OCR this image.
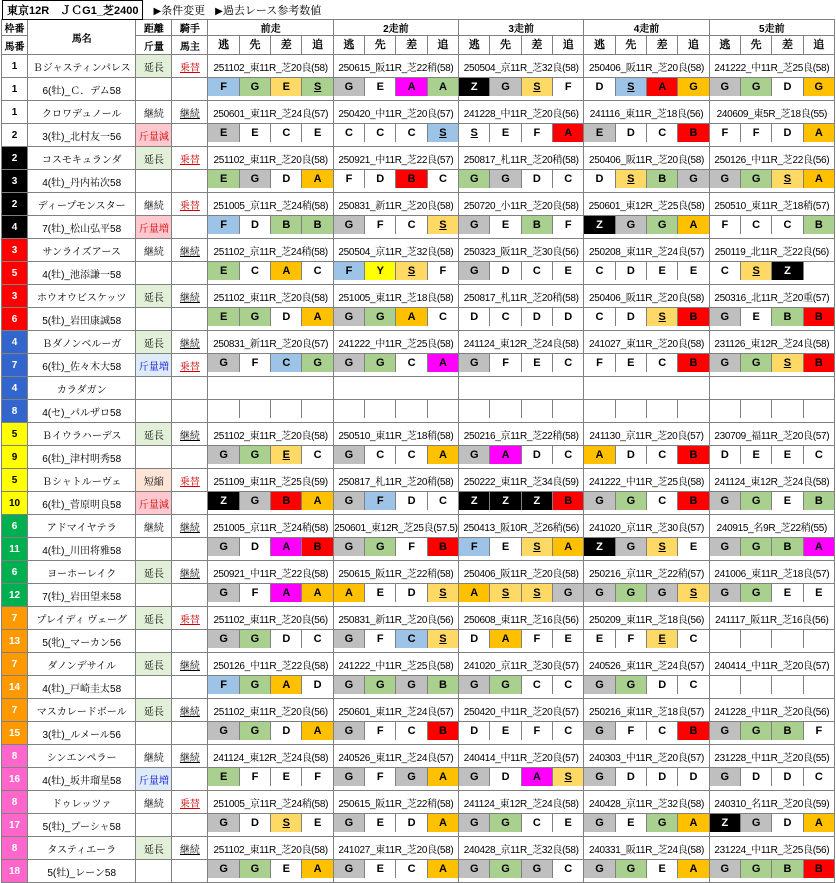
東京12R　ＪＣG1_芝2400	▶条件変更 ▶過去レース参考数値
枠番	馬名	距離	騎手	前走	2走前	3走前	4走前	5走前
馬番	斤量	馬主	逃	先	差	追	逃	先	差	追	逃	先	差	追	逃	先	差	追	逃	先	差	追

1	Ｂジャスティンパレス	延長	乗替	251102_東11R_芝20良(58)	250615_阪11R_芝22稍(58)	250504_京11R_芝32良(58)	250406_阪11R_芝20良(58)	241222_中11R_芝25良(58)
1	6(牡)_Ｃ．デム58			F	G	E	S	G	E	A	A	Z	G	S	F	D	S	A	G	G	G	D	G

1	クロワデュノール	継続	継続	250601_東11R_芝24良(57)	250420_中11R_芝20良(57)	241228_中11R_芝20良(56)	241116_東11R_芝18良(56)	240609_東5R_芝18良(55)
2	3(牡)_北村友一56	斤量減		E	E	C	E	C	C	C	S	S	E	F	A	E	D	C	B	F	F	D	A

2	コスモキュランダ	延長	乗替	251102_東11R_芝20良(58)	250921_中11R_芝22良(57)	250817_札11R_芝20稍(58)	250406_阪11R_芝20良(58)	250126_中11R_芝22良(56)
3	4(牡)_丹内祐次58			E	G	D	A	F	D	B	C	G	G	D	C	D	S	B	G	G	G	S	A

2	ディープモンスター	継続	乗替	251005_京11R_芝24稍(58)	250831_新11R_芝20良(58)	250720_小11R_芝20良(58)	250601_東12R_芝25良(58)	250510_東11R_芝18稍(57)
4	7(牡)_松山弘平58	斤量増		F	D	B	B	G	F	C	S	G	E	B	F	Z	G	G	A	F	C	C	B

3	サンライズアース	継続	継続	251102_京11R_芝24稍(58)	250504_京11R_芝32良(58)	250323_阪11R_芝30良(56)	250208_東11R_芝24良(57)	250119_北11R_芝22良(56)
5	4(牡)_池添謙一58			E	C	A	C	F	Y	S	F	G	D	C	E	C	D	E	E	C	S	Z

3	ホウオウビスケッツ	延長	継続	251102_東11R_芝20良(58)	251005_東11R_芝18良(58)	250817_札11R_芝20稍(58)	250406_阪11R_芝20良(58)	250316_北11R_芝20重(57)
6	5(牡)_岩田康誠58			E	G	D	A	G	G	A	C	D	C	D	D	C	D	S	B	G	E	B	B

4	Ｂダノンベルーガ	延長	継続	250831_新11R_芝20良(57)	241222_中11R_芝25良(58)	241124_東12R_芝24良(58)	241027_東11R_芝20良(58)	231126_東12R_芝24良(58)
7	6(牡)_佐々木大58	斤量増	乗替	G	F	C	G	G	G	C	A	G	F	E	C	F	E	C	B	G	G	S	B

4	カラダガン							
8	4(セ)_パルザロ58			

5	Ｂイウラハーデス	延長	継続	251102_東11R_芝20良(58)	250510_東11R_芝18稍(58)	250216_京11R_芝22稍(58)	241130_京11R_芝20良(57)	230709_福11R_芝20良(57)
9	6(牡)_津村明秀58			G	G	E	C	G	C	C	A	G	A	D	C	A	D	C	B	D	E	E	C

5	Ｂシャトルーヴェ	短縮	乗替	251109_東11R_芝25良(59)	250817_札11R_芝20稍(58)	250222_東11R_芝34良(59)	241222_中11R_芝25良(58)	241124_東12R_芝24良(58)
10	6(牡)_菅原明良58	斤量減		Z	G	B	A	G	F	D	C	Z	Z	Z	B	G	G	C	B	G	G	E	B

6	アドマイヤテラ	継続	継続	251005_京11R_芝24稍(58)	250601_東12R_芝25良(57.5)	250413_阪10R_芝26稍(56)	241020_京11R_芝30良(57)	240915_名9R_芝22稍(55)
11	4(牡)_川田将雅58			G	D	A	B	G	G	F	B	F	E	S	A	Z	G	S	E	G	G	B	A

6	ヨーホーレイク	延長	継続	250921_中11R_芝22良(58)	250615_阪11R_芝22稍(58)	250406_阪11R_芝20良(58)	250216_京11R_芝22稍(57)	241006_東11R_芝18良(57)
12	7(牡)_岩田望来58			G	F	A	A	A	E	D	S	A	S	S	G	G	G	G	S	G	G	E	E

7	プレイディ ヴェーグ	延長	乗替	251102_東11R_芝20良(56)	250831_新11R_芝20良(56)	250608_東11R_芝16良(56)	250209_東11R_芝18良(56)	241117_阪11R_芝16良(56)
13	5(牝)_マーカン56			G	G	D	C	G	F	C	S	D	A	F	E	E	F	E	C

7	ダノンデサイル	延長	継続	250126_中11R_芝22良(58)	241222_中11R_芝25良(58)	241020_京11R_芝30良(57)	240526_東11R_芝24良(57)	240414_中11R_芝20良(57)
14	4(牡)_戸崎圭太58			F	G	A	D	G	G	G	B	G	G	C	C	G	G	D	C

7	マスカレードボール	延長	継続	251102_東11R_芝20良(56)	250601_東11R_芝24良(57)	250420_中11R_芝20良(57)	250216_東11R_芝18良(57)	241228_中11R_芝20良(56)
15	3(牡)_ルメール56			G	G	D	A	G	F	C	B	D	E	F	C	G	F	C	B	G	G	B	F

8	シンエンペラー	継続	継続	241124_東12R_芝24良(58)	240526_東11R_芝24良(57)	240414_中11R_芝20良(57)	240303_中11R_芝20良(57)	231228_中11R_芝20良(55)
16	4(牡)_坂井瑠星58	斤量増		E	F	E	F	G	F	G	A	G	D	A	S	G	D	D	D	G	D	D	C

8	ドゥレッツァ	継続	乗替	251005_京11R_芝24稍(58)	250615_阪11R_芝22稍(58)	241124_東12R_芝24良(58)	240428_京11R_芝32良(58)	240310_名11R_芝20良(59)
17	5(牡)_ブーシャ58			G	D	S	E	G	E	D	A	G	G	C	E	G	E	G	A	Z	G	D	A

8	タスティエーラ	延長	継続	251102_東11R_芝20良(58)	241027_東11R_芝20良(58)	240428_京11R_芝32良(58)	240331_阪11R_芝24良(58)	231224_中11R_芝25良(56)
18	5(牡)_レーン58			G	G	E	A	G	E	C	A	G	G	G	C	G	G	E	A	G	G	B	B
